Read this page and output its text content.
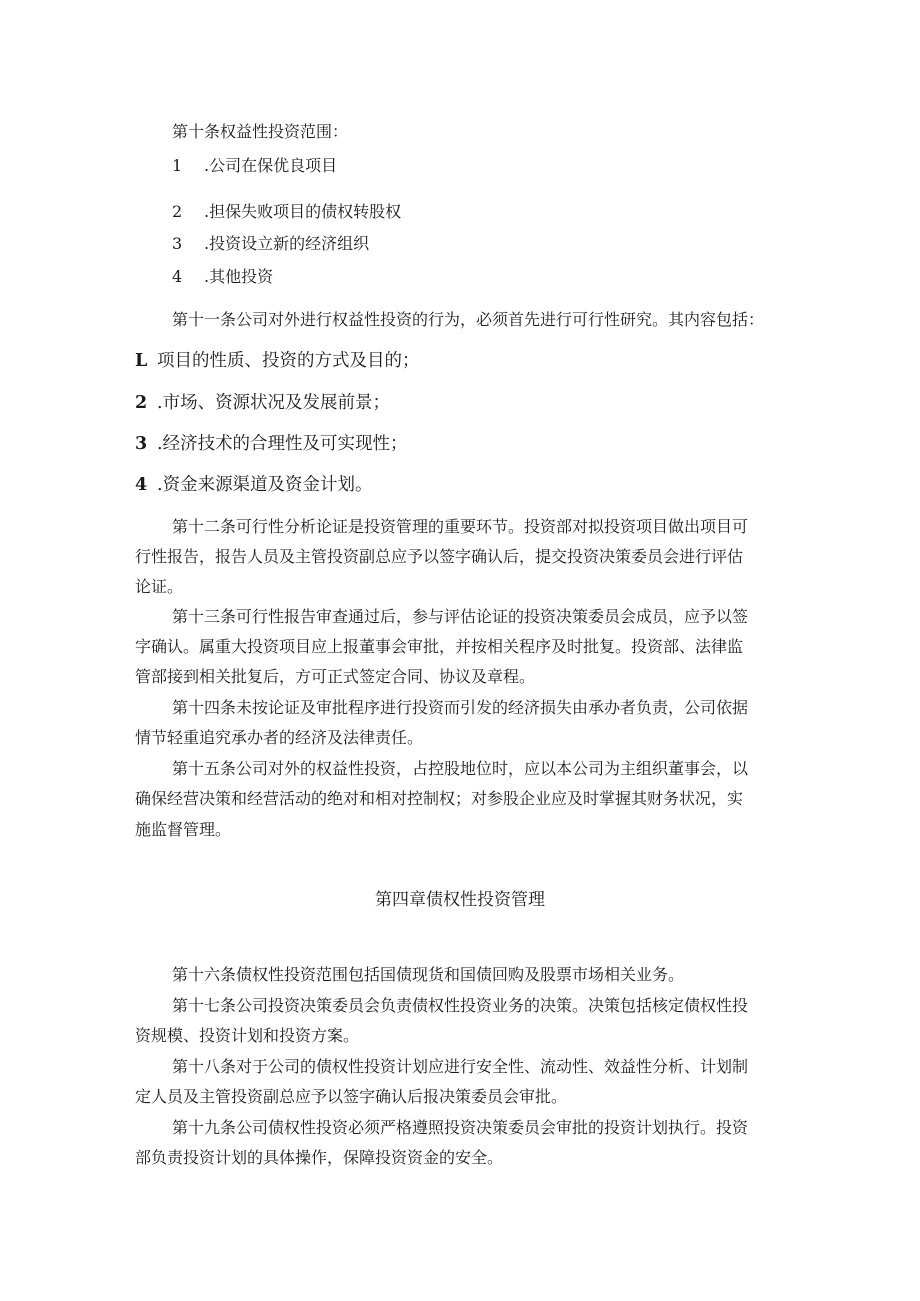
第十条权益性投资范围：
1 .公司在保优良项目
2 .担保失败项目的债权转股权
3 .投资设立新的经济组织
4 .其他投资
第十一条公司对外进行权益性投资的行为，必须首先进行可行性研究。其内容包括：
L 项目的性质、投资的方式及目的；
2 .市场、资源状况及发展前景；
3 .经济技术的合理性及可实现性；
4 .资金来源渠道及资金计划。
第十二条可行性分析论证是投资管理的重要环节。投资部对拟投资项目做出项目可
行性报告，报告人员及主管投资副总应予以签字确认后，提交投资决策委员会进行评估
论证。
第十三条可行性报告审查通过后，参与评估论证的投资决策委员会成员，应予以签
字确认。属重大投资项目应上报董事会审批，并按相关程序及时批复。投资部、法律监
管部接到相关批复后，方可正式签定合同、协议及章程。
第十四条未按论证及审批程序进行投资而引发的经济损失由承办者负责，公司依据
情节轻重追究承办者的经济及法律责任。
第十五条公司对外的权益性投资，占控股地位时，应以本公司为主组织董事会，以
确保经营决策和经营活动的绝对和相对控制权；对参股企业应及时掌握其财务状况，实
施监督管理。
第四章债权性投资管理
第十六条债权性投资范围包括国债现货和国债回购及股票市场相关业务。
第十七条公司投资决策委员会负责债权性投资业务的决策。决策包括核定债权性投
资规模、投资计划和投资方案。
第十八条对于公司的债权性投资计划应进行安全性、流动性、效益性分析、计划制
定人员及主管投资副总应予以签字确认后报决策委员会审批。
第十九条公司债权性投资必须严格遵照投资决策委员会审批的投资计划执行。投资
部负责投资计划的具体操作，保障投资资金的安全。
